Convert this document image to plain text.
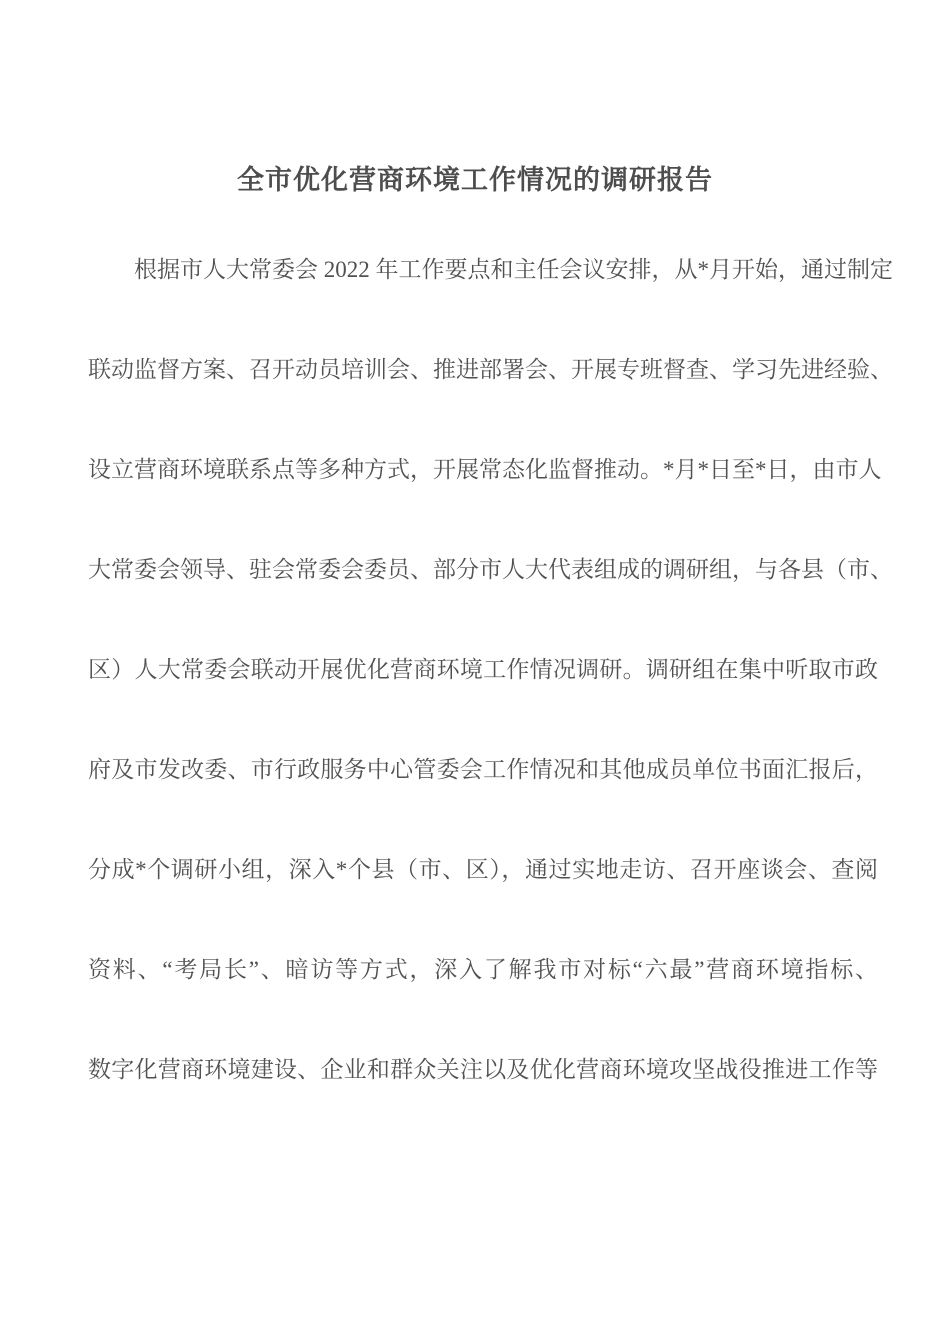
全市优化营商环境工作情况的调研报告
根据市人大常委会 2022 年工作要点和主任会议安排，从*月开始，通过制定
联动监督方案、召开动员培训会、推进部署会、开展专班督查、学习先进经验、
设立营商环境联系点等多种方式，开展常态化监督推动。*月*日至*日，由市人
大常委会领导、驻会常委会委员、部分市人大代表组成的调研组，与各县（市、
区）人大常委会联动开展优化营商环境工作情况调研。调研组在集中听取市政
府及市发改委、市行政服务中心管委会工作情况和其他成员单位书面汇报后，
分成*个调研小组，深入*个县（市、区），通过实地走访、召开座谈会、查阅
资料、“考局长”、暗访等方式，深入了解我市对标“六最”营商环境指标、
数字化营商环境建设、企业和群众关注以及优化营商环境攻坚战役推进工作等
